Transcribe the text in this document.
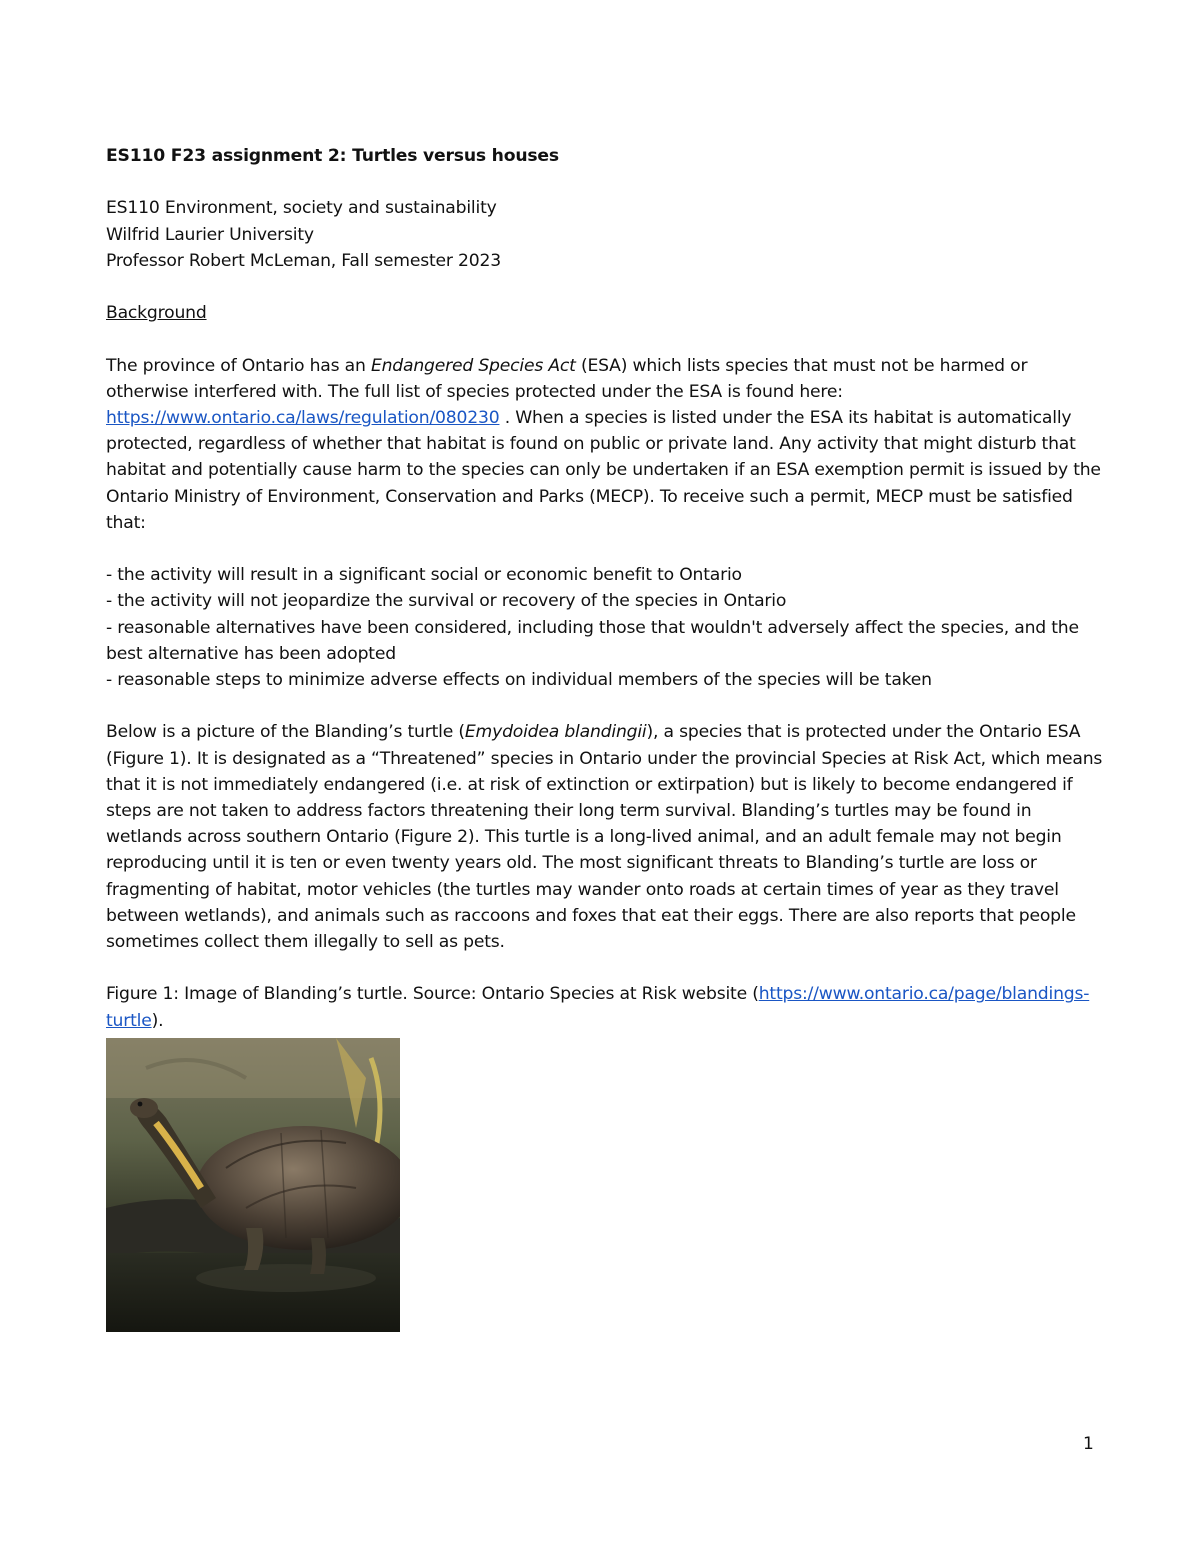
ES110 F23 assignment 2: Turtles versus houses

ES110 Environment, society and sustainability

Wilfrid Laurier University

Professor Robert McLeman, Fall semester 2023

Background

The province of Ontario has an Endangered Species Act (ESA) which lists species that must not be harmed or otherwise interfered with. The full list of species protected under the ESA is found here: https://www.ontario.ca/laws/regulation/080230 . When a species is listed under the ESA its habitat is automatically protected, regardless of whether that habitat is found on public or private land. Any activity that might disturb that habitat and potentially cause harm to the species can only be undertaken if an ESA exemption permit is issued by the Ontario Ministry of Environment, Conservation and Parks (MECP). To receive such a permit, MECP must be satisfied that:

- the activity will result in a significant social or economic benefit to Ontario

- the activity will not jeopardize the survival or recovery of the species in Ontario

- reasonable alternatives have been considered, including those that wouldn't adversely affect the species, and the best alternative has been adopted

- reasonable steps to minimize adverse effects on individual members of the species will be taken

Below is a picture of the Blanding’s turtle (Emydoidea blandingii), a species that is protected under the Ontario ESA (Figure 1). It is designated as a “Threatened” species in Ontario under the provincial Species at Risk Act, which means that it is not immediately endangered (i.e. at risk of extinction or extirpation) but is likely to become endangered if steps are not taken to address factors threatening their long term survival. Blanding’s turtles may be found in wetlands across southern Ontario (Figure 2). This turtle is a long-lived animal, and an adult female may not begin reproducing until it is ten or even twenty years old. The most significant threats to Blanding’s turtle are loss or fragmenting of habitat, motor vehicles (the turtles may wander onto roads at certain times of year as they travel between wetlands), and animals such as raccoons and foxes that eat their eggs. There are also reports that people sometimes collect them illegally to sell as pets.

Figure 1: Image of Blanding’s turtle. Source: Ontario Species at Risk website (https://www.ontario.ca/page/blandings-turtle).

1
